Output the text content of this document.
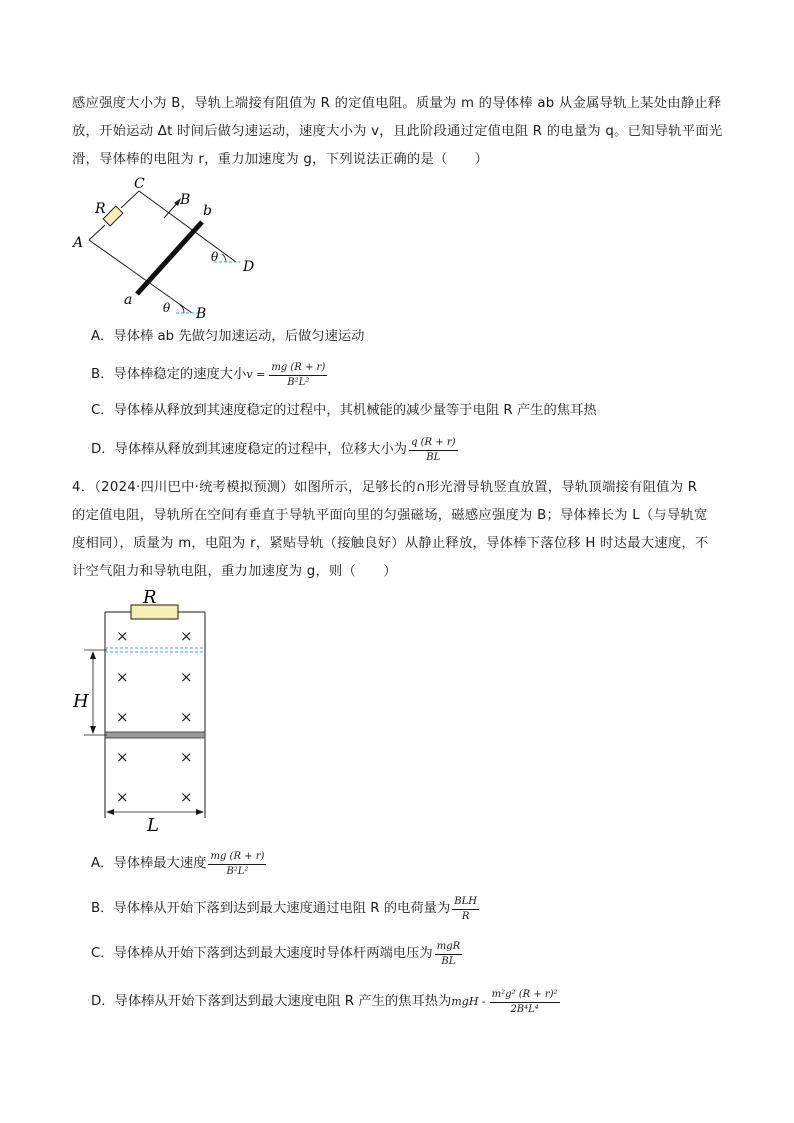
感应强度大小为 B，导轨上端接有阻值为 R 的定值电阻。质量为 m 的导体棒 ab 从金属导轨上某处由静止释
放，开始运动 Δt 时间后做匀速运动，速度大小为 v，且此阶段通过定值电阻 R 的电量为 q。已知导轨平面光
滑，导体棒的电阻为 r，重力加速度为 g，下列说法正确的是（　　）
C
B
b
R
A
θ
D
a	θ B
A．导体棒 ab 先做匀加速运动，后做匀速运动
B．导体棒稳定的速度大小 $v = \frac{mg (R + r)}{\text{B²L²}}$
C．导体棒从释放到其速度稳定的过程中，其机械能的减少量等于电阻 R 产生的焦耳热
D．导体棒从释放到其速度稳定的过程中，位移大小为 $\frac{q (R + r)}{BL}$
4．（2024·四川巴中·统考模拟预测）如图所示，足够长的∩形光滑导轨竖直放置，导轨顶端接有阻值为 R
的定值电阻，导轨所在空间有垂直于导轨平面向里的匀强磁场，磁感应强度为 B；导体棒长为 L（与导轨宽
度相同），质量为 m，电阻为 r，紧贴导轨（接触良好）从静止释放，导体棒下落位移 H 时达最大速度，不
计空气阻力和导轨电阻，重力加速度为 g，则（　　）
R
H
L
×	×
×	×
×	×
×	×
×	×
A．导体棒最大速度 $\frac{mg (R + r)}{\text{B²L²}}$
B．导体棒从开始下落到达到最大速度通过电阻 R 的电荷量为 $\frac{\text{BLH}}{R}$
C．导体棒从开始下落到达到最大速度时导体杆两端电压为 $\frac{\text{mgR}}{BL}$
D．导体棒从开始下落到达到最大速度电阻 R 产生的焦耳热为 mgH - $\frac{\text{m²g² (R + r)²}}{\text{2B⁴L⁴}}$
